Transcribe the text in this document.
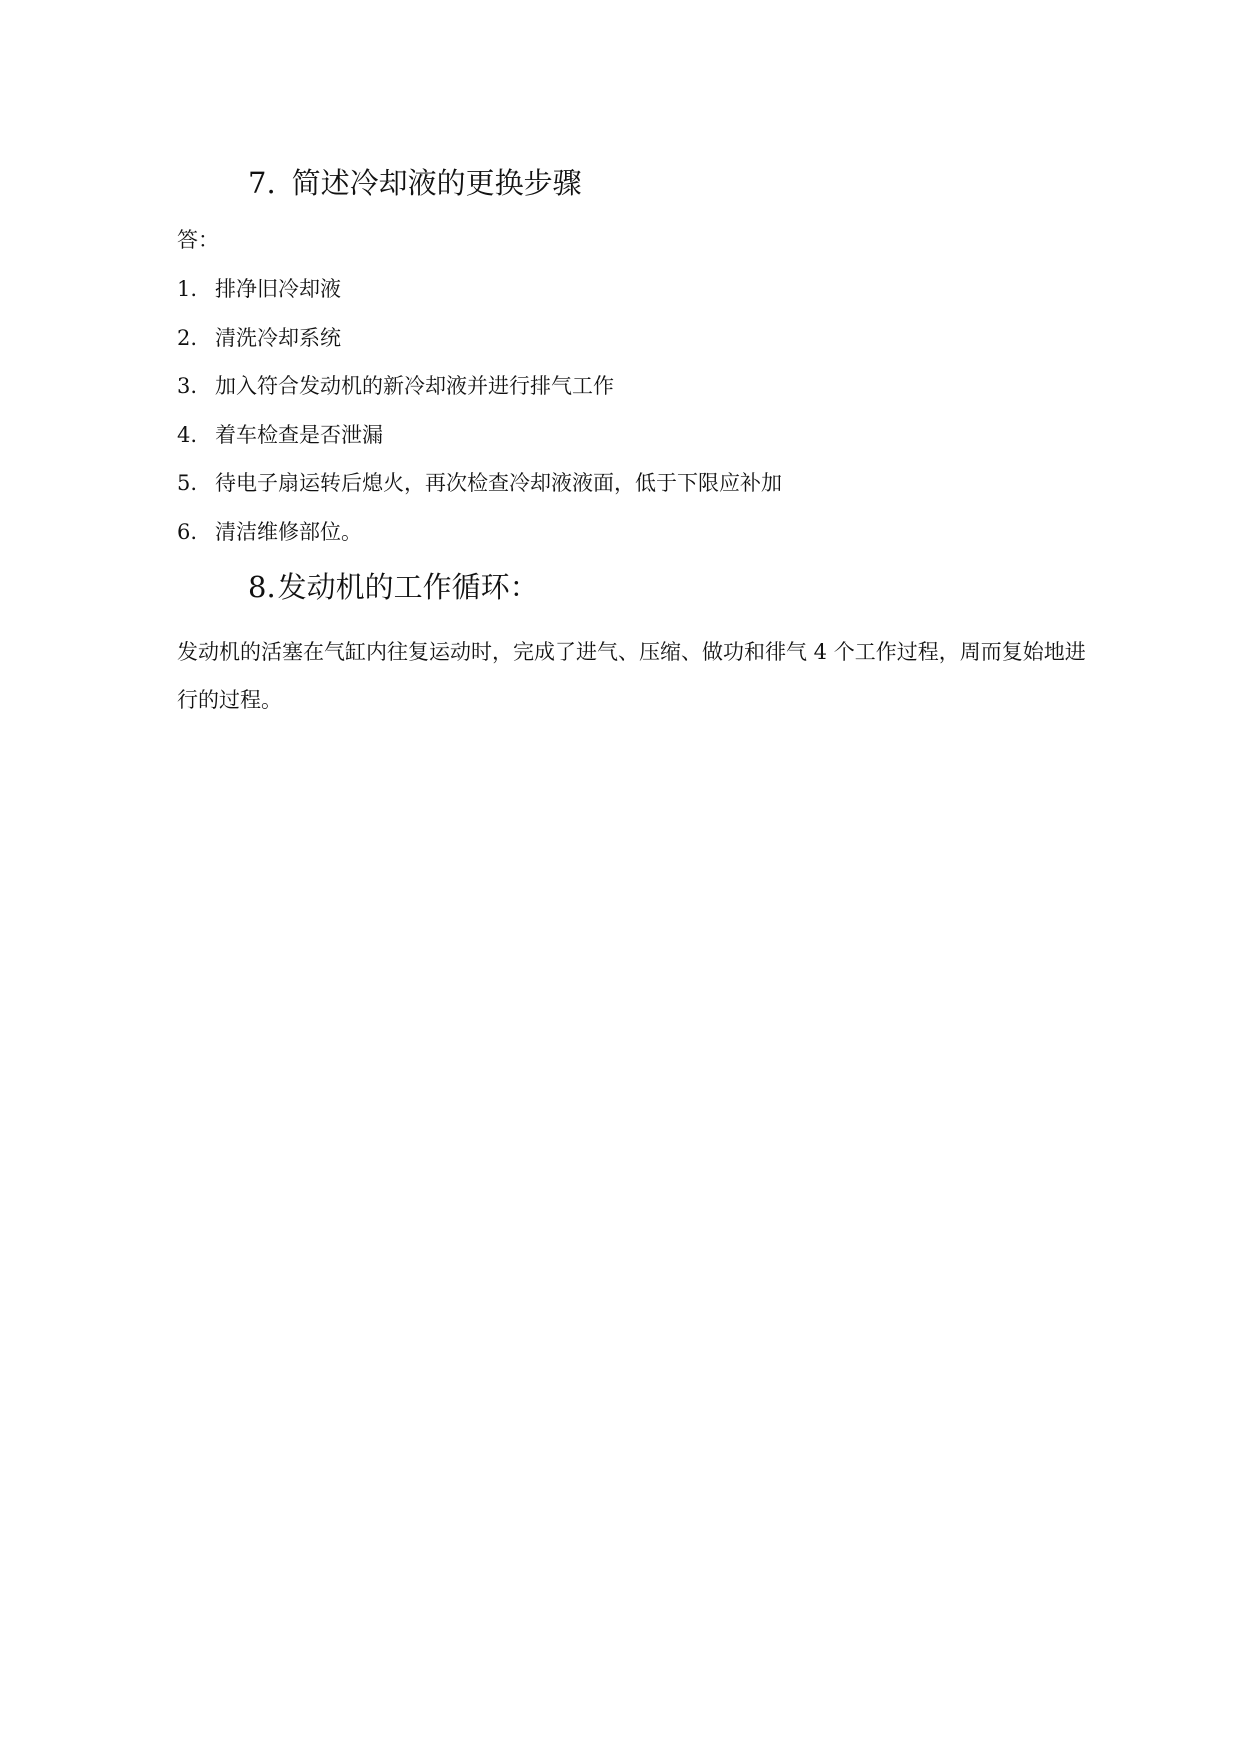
7. 简述冷却液的更换步骤
答：
1. 排净旧冷却液
2. 清洗冷却系统
3. 加入符合发动机的新冷却液并进行排气工作
4. 着车检查是否泄漏
5. 待电子扇运转后熄火，再次检查冷却液液面，低于下限应补加
6. 清洁维修部位。
8.发动机的工作循环：

发动机的活塞在气缸内往复运动时，完成了进气、压缩、做功和徘气 4 个工作过程，周而复始地进行的过程。
